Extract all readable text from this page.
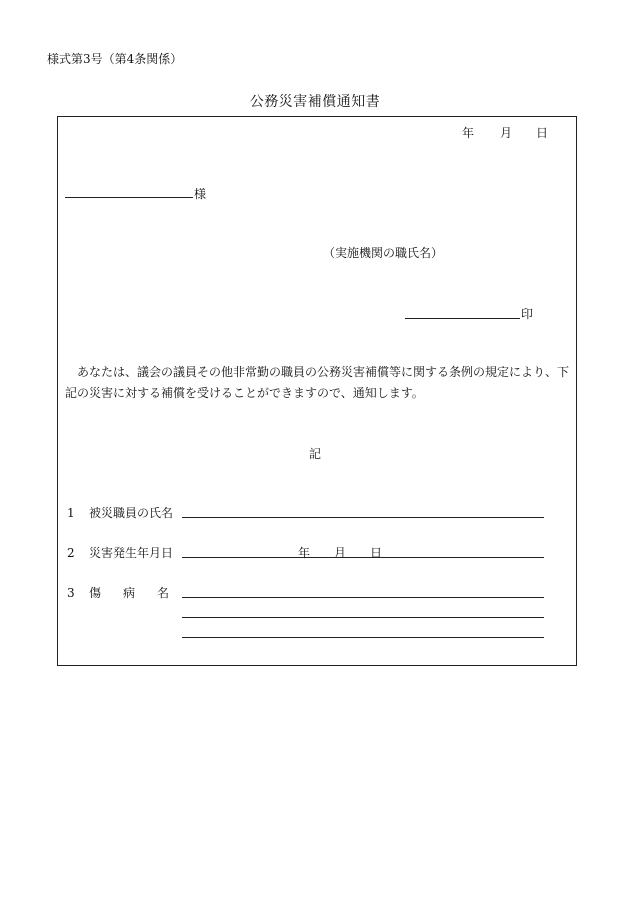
様式第3号（第4条関係）
公務災害補償通知書
年 月 日
様
（実施機関の職氏名）
印
あなたは、議会の議員その他非常勤の職員の公務災害補償等に関する条例の規定により、下記の災害に対する補償を受けることができますので、通知します。
記
1 被災職員の氏名
2 災害発生年月日	年 月 日
3 傷 病 名
